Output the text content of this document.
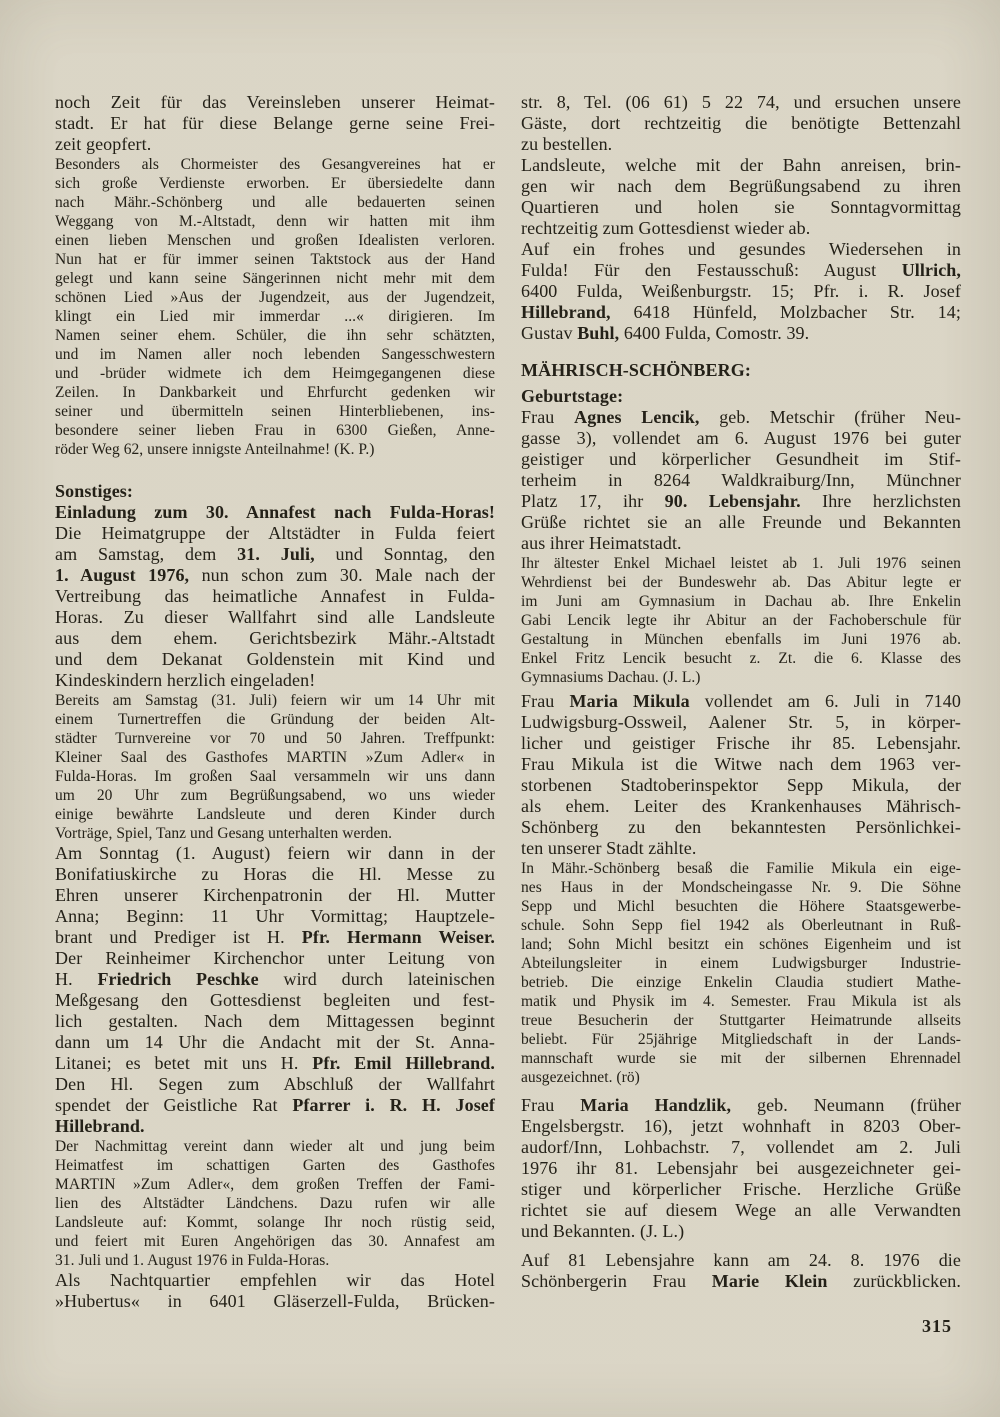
noch Zeit für das Vereinsleben unserer Heimat-
stadt. Er hat für diese Belange gerne seine Frei-
zeit geopfert.
Besonders als Chormeister des Gesangvereines hat er
sich große Verdienste erworben. Er übersiedelte dann
nach Mähr.-Schönberg und alle bedauerten seinen
Weggang von M.-Altstadt, denn wir hatten mit ihm
einen lieben Menschen und großen Idealisten verloren.
Nun hat er für immer seinen Taktstock aus der Hand
gelegt und kann seine Sängerinnen nicht mehr mit dem
schönen Lied »Aus der Jugendzeit, aus der Jugendzeit,
klingt ein Lied mir immerdar ...« dirigieren. Im
Namen seiner ehem. Schüler, die ihn sehr schätzten,
und im Namen aller noch lebenden Sangesschwestern
und -brüder widmete ich dem Heimgegangenen diese
Zeilen. In Dankbarkeit und Ehrfurcht gedenken wir
seiner und übermitteln seinen Hinterbliebenen, ins-
besondere seiner lieben Frau in 6300 Gießen, Anne-
röder Weg 62, unsere innigste Anteilnahme! (K. P.)
Sonstiges:
Einladung zum 30. Annafest nach Fulda-Horas!
Die Heimatgruppe der Altstädter in Fulda feiert
am Samstag, dem 31. Juli, und Sonntag, den
1. August 1976, nun schon zum 30. Male nach der
Vertreibung das heimatliche Annafest in Fulda-
Horas. Zu dieser Wallfahrt sind alle Landsleute
aus dem ehem. Gerichtsbezirk Mähr.-Altstadt
und dem Dekanat Goldenstein mit Kind und
Kindeskindern herzlich eingeladen!
Bereits am Samstag (31. Juli) feiern wir um 14 Uhr mit
einem Turnertreffen die Gründung der beiden Alt-
städter Turnvereine vor 70 und 50 Jahren. Treffpunkt:
Kleiner Saal des Gasthofes MARTIN »Zum Adler« in
Fulda-Horas. Im großen Saal versammeln wir uns dann
um 20 Uhr zum Begrüßungsabend, wo uns wieder
einige bewährte Landsleute und deren Kinder durch
Vorträge, Spiel, Tanz und Gesang unterhalten werden.
Am Sonntag (1. August) feiern wir dann in der
Bonifatiuskirche zu Horas die Hl. Messe zu
Ehren unserer Kirchenpatronin der Hl. Mutter
Anna; Beginn: 11 Uhr Vormittag; Hauptzele-
brant und Prediger ist H. Pfr. Hermann Weiser.
Der Reinheimer Kirchenchor unter Leitung von
H. Friedrich Peschke wird durch lateinischen
Meßgesang den Gottesdienst begleiten und fest-
lich gestalten. Nach dem Mittagessen beginnt
dann um 14 Uhr die Andacht mit der St. Anna-
Litanei; es betet mit uns H. Pfr. Emil Hillebrand.
Den Hl. Segen zum Abschluß der Wallfahrt
spendet der Geistliche Rat Pfarrer i. R. H. Josef
Hillebrand.
Der Nachmittag vereint dann wieder alt und jung beim
Heimatfest im schattigen Garten des Gasthofes
MARTIN »Zum Adler«, dem großen Treffen der Fami-
lien des Altstädter Ländchens. Dazu rufen wir alle
Landsleute auf: Kommt, solange Ihr noch rüstig seid,
und feiert mit Euren Angehörigen das 30. Annafest am
31. Juli und 1. August 1976 in Fulda-Horas.
Als Nachtquartier empfehlen wir das Hotel
»Hubertus« in 6401 Gläserzell-Fulda, Brücken-
str. 8, Tel. (06 61) 5 22 74, und ersuchen unsere
Gäste, dort rechtzeitig die benötigte Bettenzahl
zu bestellen.
Landsleute, welche mit der Bahn anreisen, brin-
gen wir nach dem Begrüßungsabend zu ihren
Quartieren und holen sie Sonntagvormittag
rechtzeitig zum Gottesdienst wieder ab.
Auf ein frohes und gesundes Wiedersehen in
Fulda! Für den Festausschuß: August Ullrich,
6400 Fulda, Weißenburgstr. 15; Pfr. i. R. Josef
Hillebrand, 6418 Hünfeld, Molzbacher Str. 14;
Gustav Buhl, 6400 Fulda, Comostr. 39.
MÄHRISCH-SCHÖNBERG:
Geburtstage:
Frau Agnes Lencik, geb. Metschir (früher Neu-
gasse 3), vollendet am 6. August 1976 bei guter
geistiger und körperlicher Gesundheit im Stif-
terheim in 8264 Waldkraiburg/Inn, Münchner
Platz 17, ihr 90. Lebensjahr. Ihre herzlichsten
Grüße richtet sie an alle Freunde und Bekannten
aus ihrer Heimatstadt.
Ihr ältester Enkel Michael leistet ab 1. Juli 1976 seinen
Wehrdienst bei der Bundeswehr ab. Das Abitur legte er
im Juni am Gymnasium in Dachau ab. Ihre Enkelin
Gabi Lencik legte ihr Abitur an der Fachoberschule für
Gestaltung in München ebenfalls im Juni 1976 ab.
Enkel Fritz Lencik besucht z. Zt. die 6. Klasse des
Gymnasiums Dachau. (J. L.)
Frau Maria Mikula vollendet am 6. Juli in 7140
Ludwigsburg-Ossweil, Aalener Str. 5, in körper-
licher und geistiger Frische ihr 85. Lebensjahr.
Frau Mikula ist die Witwe nach dem 1963 ver-
storbenen Stadtoberinspektor Sepp Mikula, der
als ehem. Leiter des Krankenhauses Mährisch-
Schönberg zu den bekanntesten Persönlichkei-
ten unserer Stadt zählte.
In Mähr.-Schönberg besaß die Familie Mikula ein eige-
nes Haus in der Mondscheingasse Nr. 9. Die Söhne
Sepp und Michl besuchten die Höhere Staatsgewerbe-
schule. Sohn Sepp fiel 1942 als Oberleutnant in Ruß-
land; Sohn Michl besitzt ein schönes Eigenheim und ist
Abteilungsleiter in einem Ludwigsburger Industrie-
betrieb. Die einzige Enkelin Claudia studiert Mathe-
matik und Physik im 4. Semester. Frau Mikula ist als
treue Besucherin der Stuttgarter Heimatrunde allseits
beliebt. Für 25jährige Mitgliedschaft in der Lands-
mannschaft wurde sie mit der silbernen Ehrennadel
ausgezeichnet. (rö)
Frau Maria Handzlik, geb. Neumann (früher
Engelsbergstr. 16), jetzt wohnhaft in 8203 Ober-
audorf/Inn, Lohbachstr. 7, vollendet am 2. Juli
1976 ihr 81. Lebensjahr bei ausgezeichneter gei-
stiger und körperlicher Frische. Herzliche Grüße
richtet sie auf diesem Wege an alle Verwandten
und Bekannten. (J. L.)
Auf 81 Lebensjahre kann am 24. 8. 1976 die
Schönbergerin Frau Marie Klein zurückblicken.
315
